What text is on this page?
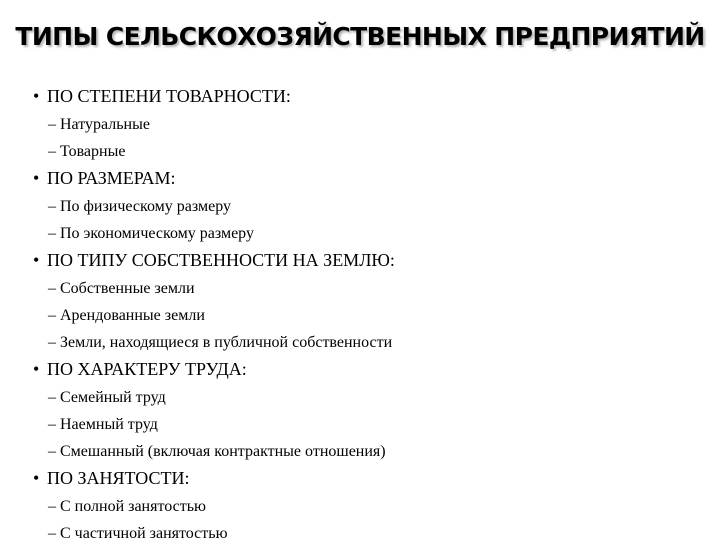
ТИПЫ СЕЛЬСКОХОЗЯЙСТВЕННЫХ ПРЕДПРИЯТИЙ
• ПО СТЕПЕНИ ТОВАРНОСТИ:
– Натуральные
– Товарные
• ПО РАЗМЕРАМ:
– По физическому размеру
– По экономическому размеру
• ПО ТИПУ СОБСТВЕННОСТИ НА ЗЕМЛЮ:
– Собственные земли
– Арендованные земли
– Земли, находящиеся в публичной собственности
• ПО ХАРАКТЕРУ ТРУДА:
– Семейный труд
– Наемный труд
– Смешанный (включая контрактные отношения)
• ПО ЗАНЯТОСТИ:
– С полной занятостью
– С частичной занятостью
